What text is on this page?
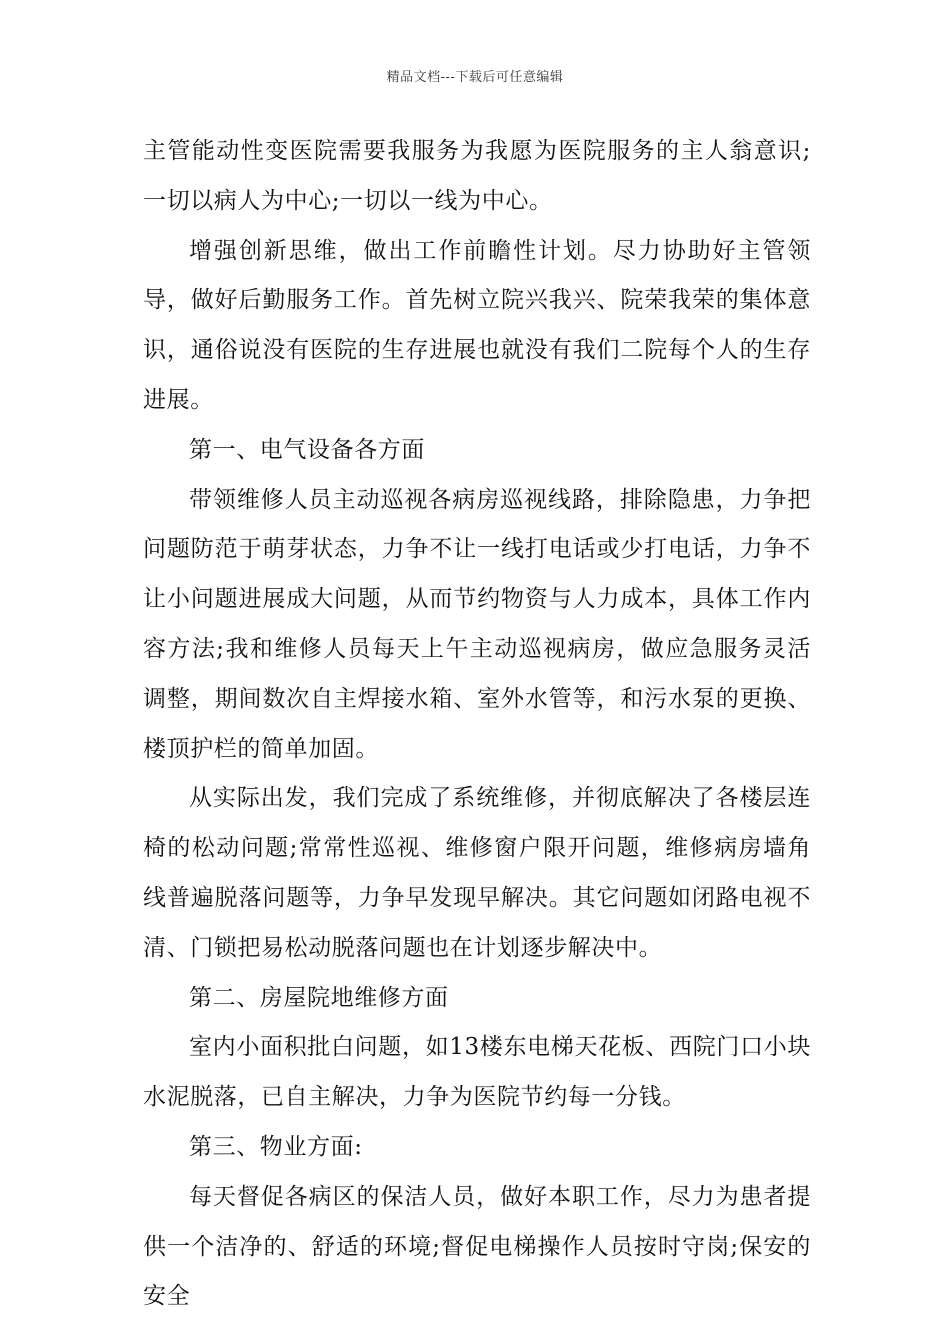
精品文档---下载后可任意编辑

主管能动性变医院需要我服务为我愿为医院服务的主人翁意识;一切以病人为中心;一切以一线为中心。

增强创新思维，做出工作前瞻性计划。尽力协助好主管领导，做好后勤服务工作。首先树立院兴我兴、院荣我荣的集体意识，通俗说没有医院的生存进展也就没有我们二院每个人的生存进展。

第一、电气设备各方面

带领维修人员主动巡视各病房巡视线路，排除隐患，力争把问题防范于萌芽状态，力争不让一线打电话或少打电话，力争不让小问题进展成大问题，从而节约物资与人力成本，具体工作内容方法;我和维修人员每天上午主动巡视病房，做应急服务灵活调整，期间数次自主焊接水箱、室外水管等，和污水泵的更换、楼顶护栏的简单加固。

从实际出发，我们完成了系统维修，并彻底解决了各楼层连椅的松动问题;常常性巡视、维修窗户限开问题，维修病房墙角线普遍脱落问题等，力争早发现早解决。其它问题如闭路电视不清、门锁把易松动脱落问题也在计划逐步解决中。

第二、房屋院地维修方面

室内小面积批白问题，如13楼东电梯天花板、西院门口小块水泥脱落，已自主解决，力争为医院节约每一分钱。

第三、物业方面:

每天督促各病区的保洁人员，做好本职工作，尽力为患者提供一个洁净的、舒适的环境;督促电梯操作人员按时守岗;保安的安全
